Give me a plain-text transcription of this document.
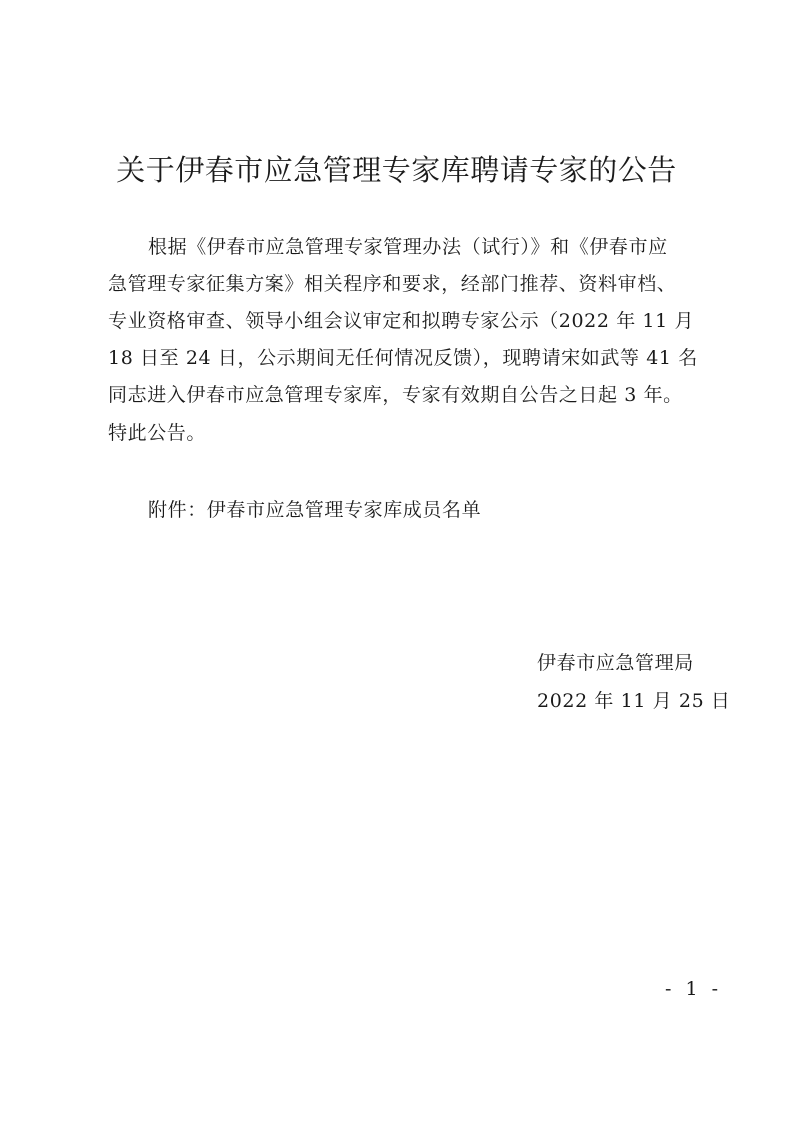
关于伊春市应急管理专家库聘请专家的公告
根据《伊春市应急管理专家管理办法（试行）》和《伊春市应
急管理专家征集方案》相关程序和要求，经部门推荐、资料审档、
专业资格审查、领导小组会议审定和拟聘专家公示（2022 年 11 月
18 日至 24 日，公示期间无任何情况反馈），现聘请宋如武等 41 名
同志进入伊春市应急管理专家库，专家有效期自公告之日起 3 年。
特此公告。
附件：伊春市应急管理专家库成员名单
伊春市应急管理局
2022 年 11 月 25 日
- 1 -
